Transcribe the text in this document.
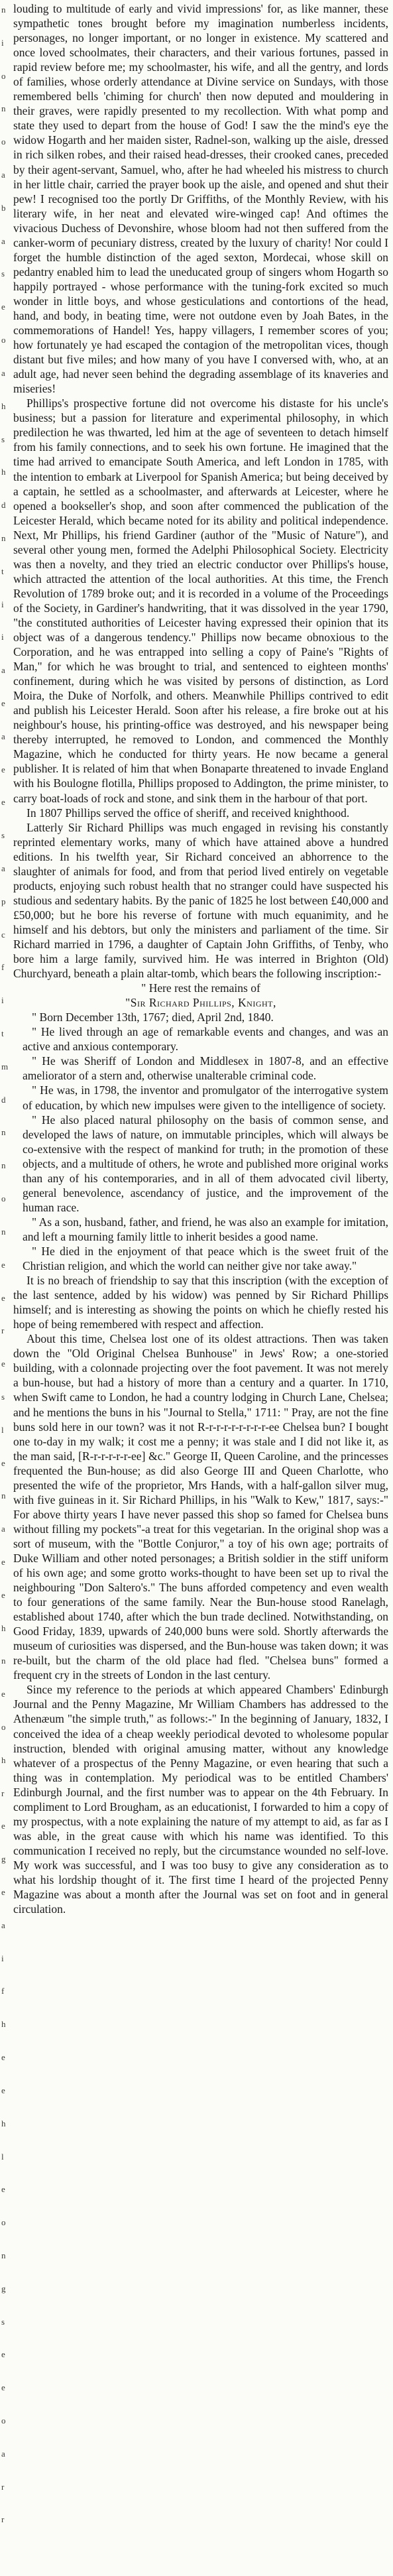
n
i
o
n
o
a
b
a
s
e
o
a
h
s
h
d
n
t
i
i
a
e
a
e
e
s
a
p
c
f
i
t
m
d
n
n
o
n
e
e
r
e
s
l
e
n
a
e
e
h
n
e
o
h
r
e
g
e
a
i
f
h
e
e
h
l
e
o
n
g
s
e
e
o
a
r
r

louding to multitude of early and vivid impressions' for, as like manner, these sympathetic tones brought before my imagination numberless incidents, personages, no longer important, or no longer in existence. My scattered and once loved schoolmates, their characters, and their various fortunes, passed in rapid review before me; my schoolmaster, his wife, and all the gentry, and lords of families, whose orderly attendance at Divine service on Sundays, with those remembered bells 'chiming for church' then now deputed and mouldering in their graves, were rapidly presented to my recollection. With what pomp and state they used to depart from the house of God! I saw the the mind's eye the widow Hogarth and her maiden sister, Radnel-son, walking up the aisle, dressed in rich silken robes, and their raised head-dresses, their crooked canes, preceded by their agent-servant, Samuel, who, after he had wheeled his mistress to church in her little chair, carried the prayer book up the aisle, and opened and shut their pew! I recognised too the portly Dr Griffiths, of the Monthly Review, with his literary wife, in her neat and elevated wire-winged cap! And oftimes the vivacious Duchess of Devonshire, whose bloom had not then suffered from the canker-worm of pecuniary distress, created by the luxury of charity! Nor could I forget the humble distinction of the aged sexton, Mordecai, whose skill on pedantry enabled him to lead the uneducated group of singers whom Hogarth so happily portrayed - whose performance with the tuning-fork excited so much wonder in little boys, and whose gesticulations and contortions of the head, hand, and body, in beating time, were not outdone even by Joah Bates, in the commemorations of Handel! Yes, happy villagers, I remember scores of you; how fortunately ye had escaped the contagion of the metropolitan vices, though distant but five miles; and how many of you have I conversed with, who, at an adult age, had never seen behind the degrading assemblage of its knaveries and miseries!

Phillips's prospective fortune did not overcome his distaste for his uncle's business; but a passion for literature and experimental philosophy, in which predilection he was thwarted, led him at the age of seventeen to detach himself from his family connections, and to seek his own fortune. He imagined that the time had arrived to emancipate South America, and left London in 1785, with the intention to embark at Liverpool for Spanish America; but being deceived by a captain, he settled as a schoolmaster, and afterwards at Leicester, where he opened a bookseller's shop, and soon after commenced the publication of the Leicester Herald, which became noted for its ability and political independence. Next, Mr Phillips, his friend Gardiner (author of the "Music of Nature"), and several other young men, formed the Adelphi Philosophical Society. Electricity was then a novelty, and they tried an electric conductor over Phillips's house, which attracted the attention of the local authorities. At this time, the French Revolution of 1789 broke out; and it is recorded in a volume of the Proceedings of the Society, in Gardiner's handwriting, that it was dissolved in the year 1790, "the constituted authorities of Leicester having expressed their opinion that its object was of a dangerous tendency." Phillips now became obnoxious to the Corporation, and he was entrapped into selling a copy of Paine's "Rights of Man," for which he was brought to trial, and sentenced to eighteen months' confinement, during which he was visited by persons of distinction, as Lord Moira, the Duke of Norfolk, and others. Meanwhile Phillips contrived to edit and publish his Leicester Herald. Soon after his release, a fire broke out at his neighbour's house, his printing-office was destroyed, and his newspaper being thereby interrupted, he removed to London, and commenced the Monthly Magazine, which he conducted for thirty years. He now became a general publisher. It is related of him that when Bonaparte threatened to invade England with his Boulogne flotilla, Phillips proposed to Addington, the prime minister, to carry boat-loads of rock and stone, and sink them in the harbour of that port.

In 1807 Phillips served the office of sheriff, and received knighthood.

Latterly Sir Richard Phillips was much engaged in revising his constantly reprinted elementary works, many of which have attained above a hundred editions. In his twelfth year, Sir Richard conceived an abhorrence to the slaughter of animals for food, and from that period lived entirely on vegetable products, enjoying such robust health that no stranger could have suspected his studious and sedentary habits. By the panic of 1825 he lost between £40,000 and £50,000; but he bore his reverse of fortune with much equanimity, and he himself and his debtors, but only the ministers and parliament of the time. Sir Richard married in 1796, a daughter of Captain John Griffiths, of Tenby, who bore him a large family, survived him. He was interred in Brighton (Old) Churchyard, beneath a plain altar-tomb, which bears the following inscription:-

" Here rest the remains of

"Sir Richard Phillips, Knight,

" Born December 13th, 1767; died, April 2nd, 1840.

" He lived through an age of remarkable events and changes, and was an active and anxious contemporary.

" He was Sheriff of London and Middlesex in 1807-8, and an effective ameliorator of a stern and, otherwise unalterable criminal code.

" He was, in 1798, the inventor and promulgator of the interrogative system of education, by which new impulses were given to the intelligence of society.

" He also placed natural philosophy on the basis of common sense, and developed the laws of nature, on immutable principles, which will always be co-extensive with the respect of mankind for truth; in the promotion of these objects, and a multitude of others, he wrote and published more original works than any of his contemporaries, and in all of them advocated civil liberty, general benevolence, ascendancy of justice, and the improvement of the human race.

" As a son, husband, father, and friend, he was also an example for imitation, and left a mourning family little to inherit besides a good name.

" He died in the enjoyment of that peace which is the sweet fruit of the Christian religion, and which the world can neither give nor take away."

It is no breach of friendship to say that this inscription (with the exception of the last sentence, added by his widow) was penned by Sir Richard Phillips himself; and is interesting as showing the points on which he chiefly rested his hope of being remembered with respect and affection.

About this time, Chelsea lost one of its oldest attractions. Then was taken down the "Old Original Chelsea Bunhouse" in Jews' Row; a one-storied building, with a colonnade projecting over the foot pavement. It was not merely a bun-house, but had a history of more than a century and a quarter. In 1710, when Swift came to London, he had a country lodging in Church Lane, Chelsea; and he mentions the buns in his "Journal to Stella," 1711: " Pray, are not the fine buns sold here in our town? was it not R-r-r-r-r-r-r-r-r-ee Chelsea bun? I bought one to-day in my walk; it cost me a penny; it was stale and I did not like it, as the man said, [R-r-r-r-r-r-ee] &c." George II, Queen Caroline, and the princesses frequented the Bun-house; as did also George III and Queen Charlotte, who presented the wife of the proprietor, Mrs Hands, with a half-gallon silver mug, with five guineas in it. Sir Richard Phillips, in his "Walk to Kew," 1817, says:-" For above thirty years I have never passed this shop so famed for Chelsea buns without filling my pockets"-a treat for this vegetarian. In the original shop was a sort of museum, with the "Bottle Conjuror," a toy of his own age; portraits of Duke William and other noted personages; a British soldier in the stiff uniform of his own age; and some grotto works-thought to have been set up to rival the neighbouring "Don Saltero's." The buns afforded competency and even wealth to four generations of the same family. Near the Bun-house stood Ranelagh, established about 1740, after which the bun trade declined. Notwithstanding, on Good Friday, 1839, upwards of 240,000 buns were sold. Shortly afterwards the museum of curiosities was dispersed, and the Bun-house was taken down; it was re-built, but the charm of the old place had fled. "Chelsea buns" formed a frequent cry in the streets of London in the last century.

Since my reference to the periods at which appeared Chambers' Edinburgh Journal and the Penny Magazine, Mr William Chambers has addressed to the Athenæum "the simple truth," as follows:-" In the beginning of January, 1832, I conceived the idea of a cheap weekly periodical devoted to wholesome popular instruction, blended with original amusing matter, without any knowledge whatever of a prospectus of the Penny Magazine, or even hearing that such a thing was in contemplation. My periodical was to be entitled Chambers' Edinburgh Journal, and the first number was to appear on the 4th February. In compliment to Lord Brougham, as an educationist, I forwarded to him a copy of my prospectus, with a note explaining the nature of my attempt to aid, as far as I was able, in the great cause with which his name was identified. To this communication I received no reply, but the circumstance wounded no self-love. My work was successful, and I was too busy to give any consideration as to what his lordship thought of it. The first time I heard of the projected Penny Magazine was about a month after the Journal was set on foot and in general circulation.
